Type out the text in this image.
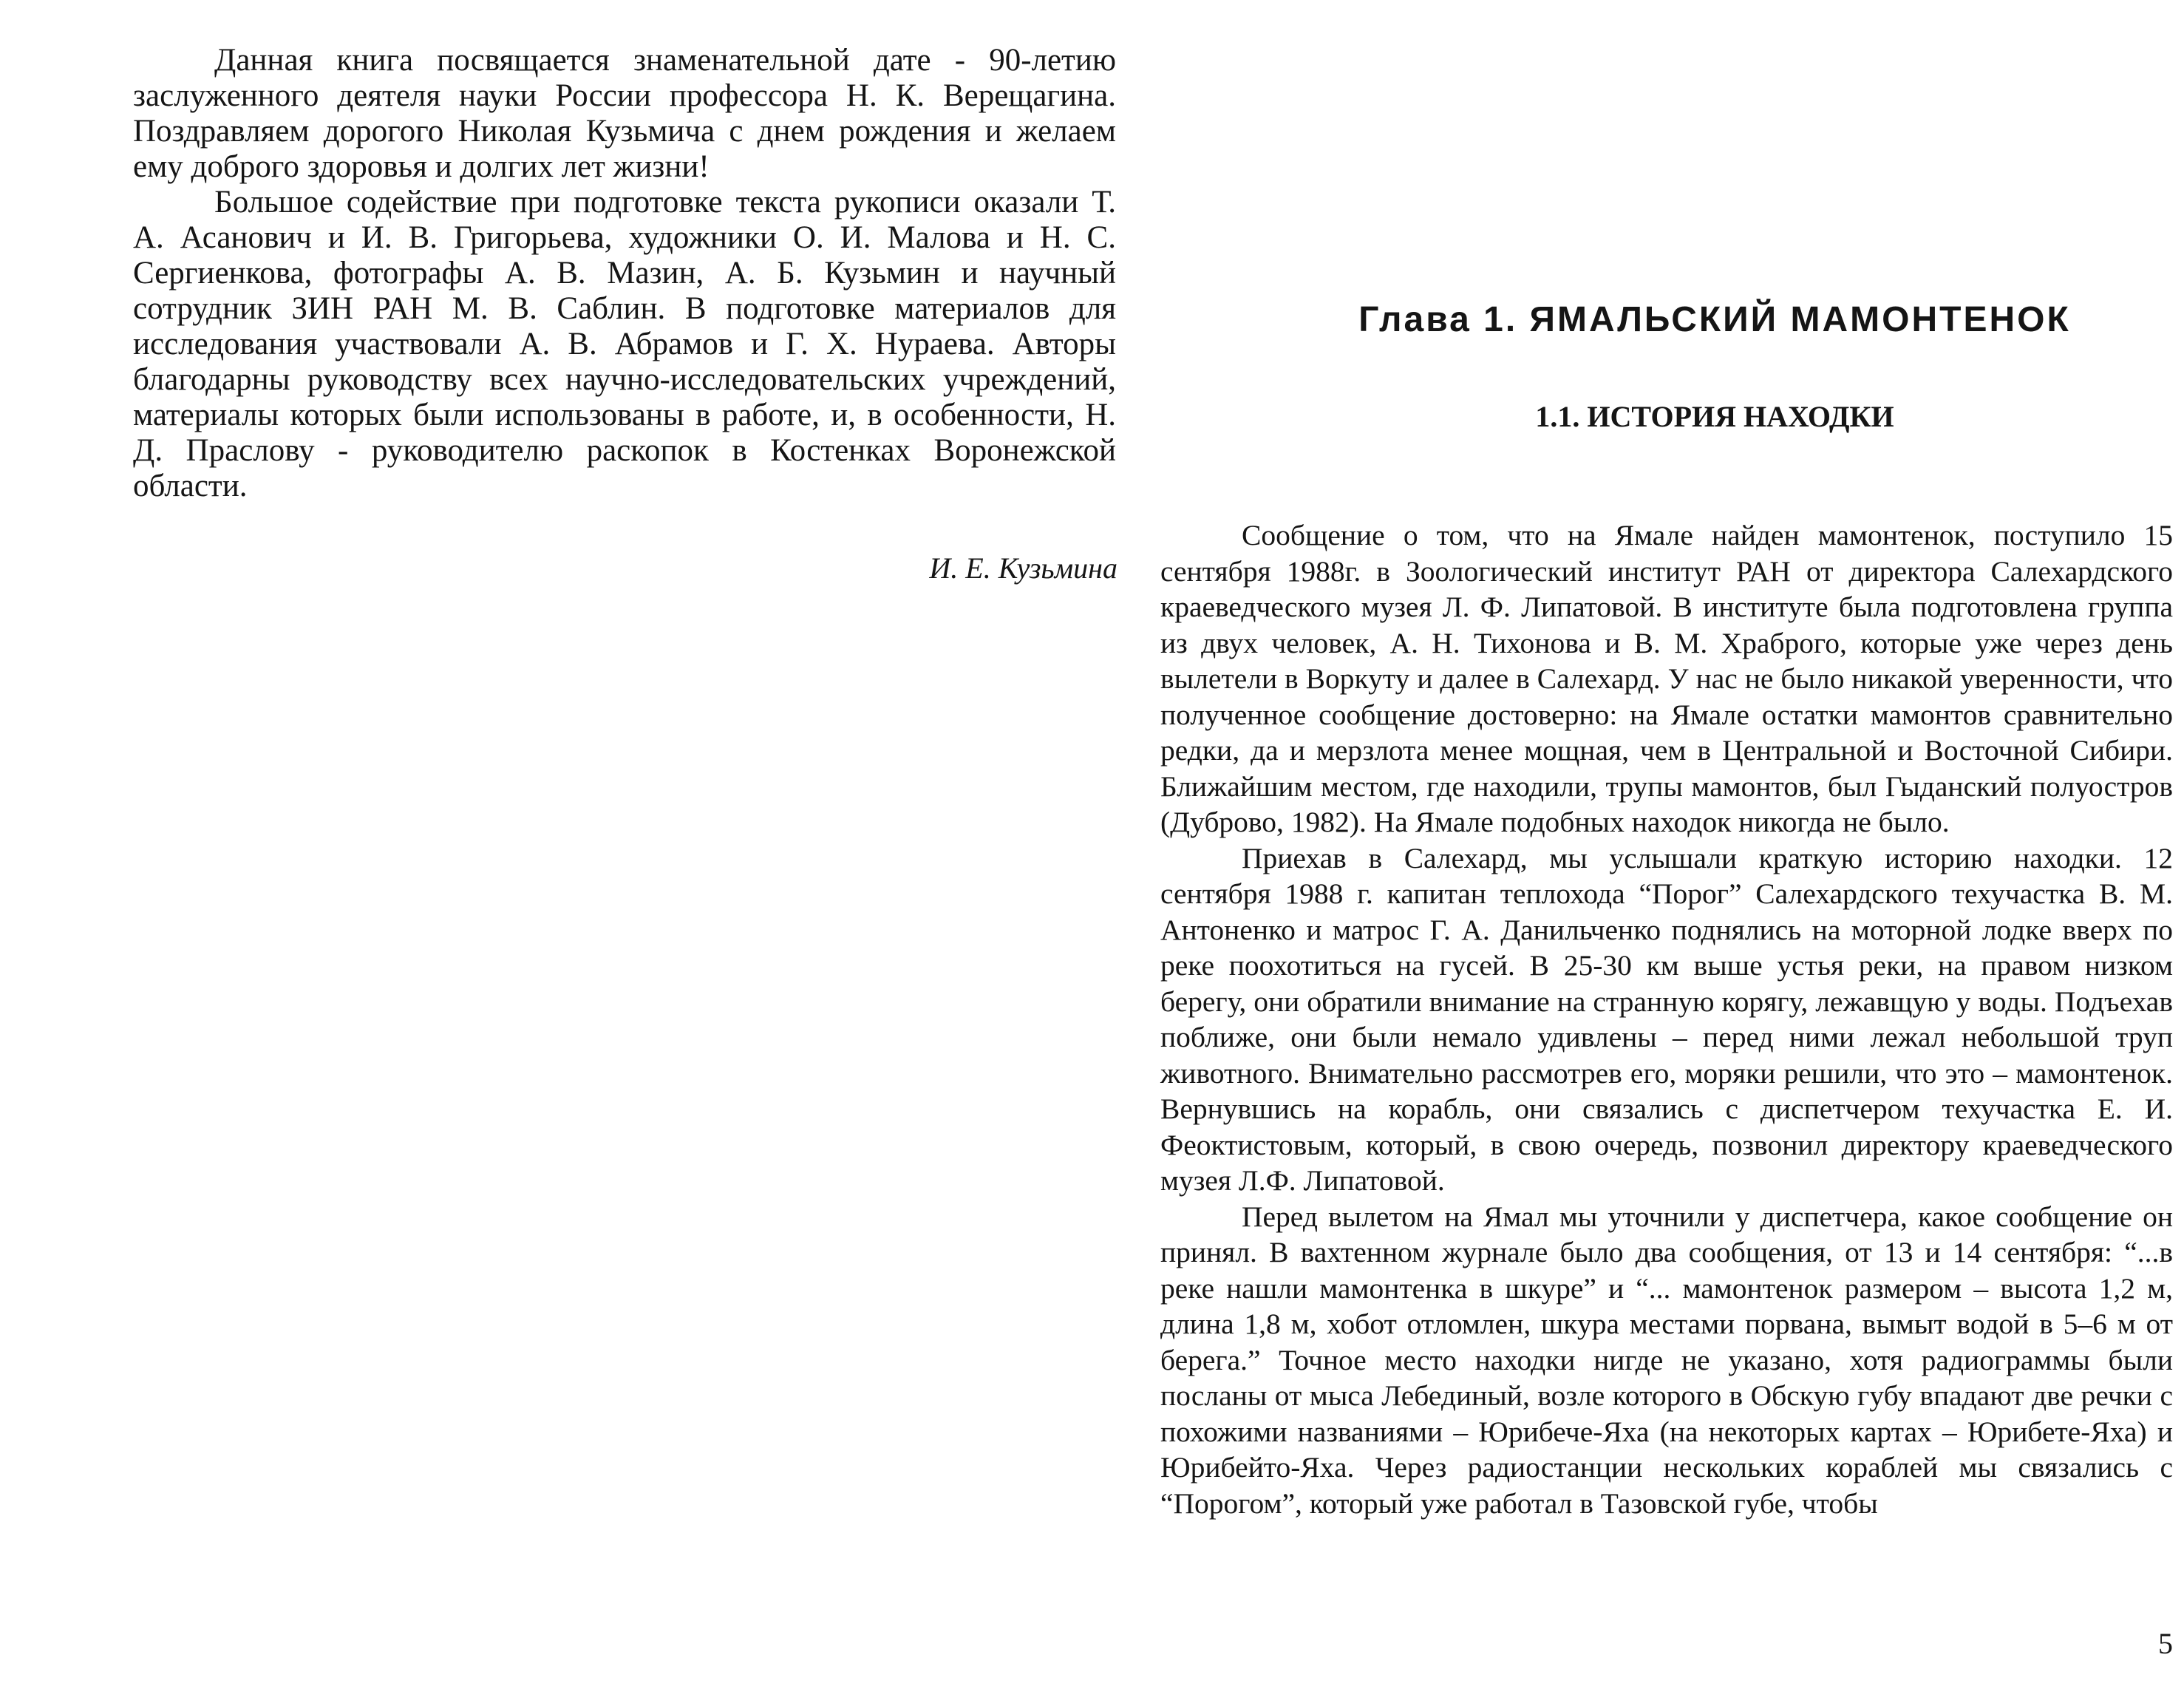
Данная книга посвящается знаменательной дате - 90-летию заслуженного деятеля науки России профессора Н. К. Верещагина. Поздравляем дорогого Николая Кузьмича с днем рождения и желаем ему доброго здоровья и долгих лет жизни!

Большое содействие при подготовке текста рукописи оказали Т. А. Асанович и И. В. Григорьева, художники О. И. Малова и Н. С. Сергиенкова, фотографы А. В. Мазин, А. Б. Кузьмин и научный сотрудник ЗИН РАН М. В. Саблин. В подготовке материалов для исследования участвовали А. В. Абрамов и Г. Х. Нураева. Авторы благодарны руководству всех научно-исследовательских учреждений, материалы которых были использованы в работе, и, в особенности, Н. Д. Праслову - руководителю раскопок в Костенках Воронежской области.

И. Е. Кузьмина

Глава 1. ЯМАЛЬСКИЙ МАМОНТЕНОК
1.1. ИСТОРИЯ НАХОДКИ

Сообщение о том, что на Ямале найден мамонтенок, поступило 15 сентября 1988г. в Зоологический институт РАН от директора Салехардского краеведческого музея Л. Ф. Липатовой. В институте была подготовлена группа из двух человек, А. Н. Тихонова и В. М. Храброго, которые уже через день вылетели в Воркуту и далее в Салехард. У нас не было никакой уверенности, что полученное сообщение достоверно: на Ямале остатки мамонтов сравнительно редки, да и мерзлота менее мощная, чем в Центральной и Восточной Сибири. Ближайшим местом, где находили, трупы мамонтов, был Гыданский полуостров (Дуброво, 1982). На Ямале подобных находок никогда не было.

Приехав в Салехард, мы услышали краткую историю находки. 12 сентября 1988 г. капитан теплохода “Порог” Салехардского техучастка В. М. Антоненко и матрос Г. А. Данильченко поднялись на моторной лодке вверх по реке поохотиться на гусей. В 25-30 км выше устья реки, на правом низком берегу, они обратили внимание на странную корягу, лежавщую у воды. Подъехав поближе, они были немало удивлены – перед ними лежал небольшой труп животного. Внимательно рассмотрев его, моряки решили, что это – мамонтенок. Вернувшись на корабль, они связались с диспетчером техучастка Е. И. Феоктистовым, который, в свою очередь, позвонил директору краеведческого музея Л.Ф. Липатовой.

Перед вылетом на Ямал мы уточнили у диспетчера, какое сообщение он принял. В вахтенном журнале было два сообщения, от 13 и 14 сентября: “...в реке нашли мамонтенка в шкуре” и “... мамонтенок размером – высота 1,2 м, длина 1,8 м, хобот отломлен, шкура местами порвана, вымыт водой в 5–6 м от берега.” Точное место находки нигде не указано, хотя радиограммы были посланы от мыса Лебединый, возле которого в Обскую губу впадают две речки с похожими названиями – Юрибече-Яха (на некоторых картах – Юрибете-Яха) и Юрибейто-Яха. Через радиостанции нескольких кораблей мы связались с “Порогом”, который уже работал в Тазовской губе, чтобы

5
